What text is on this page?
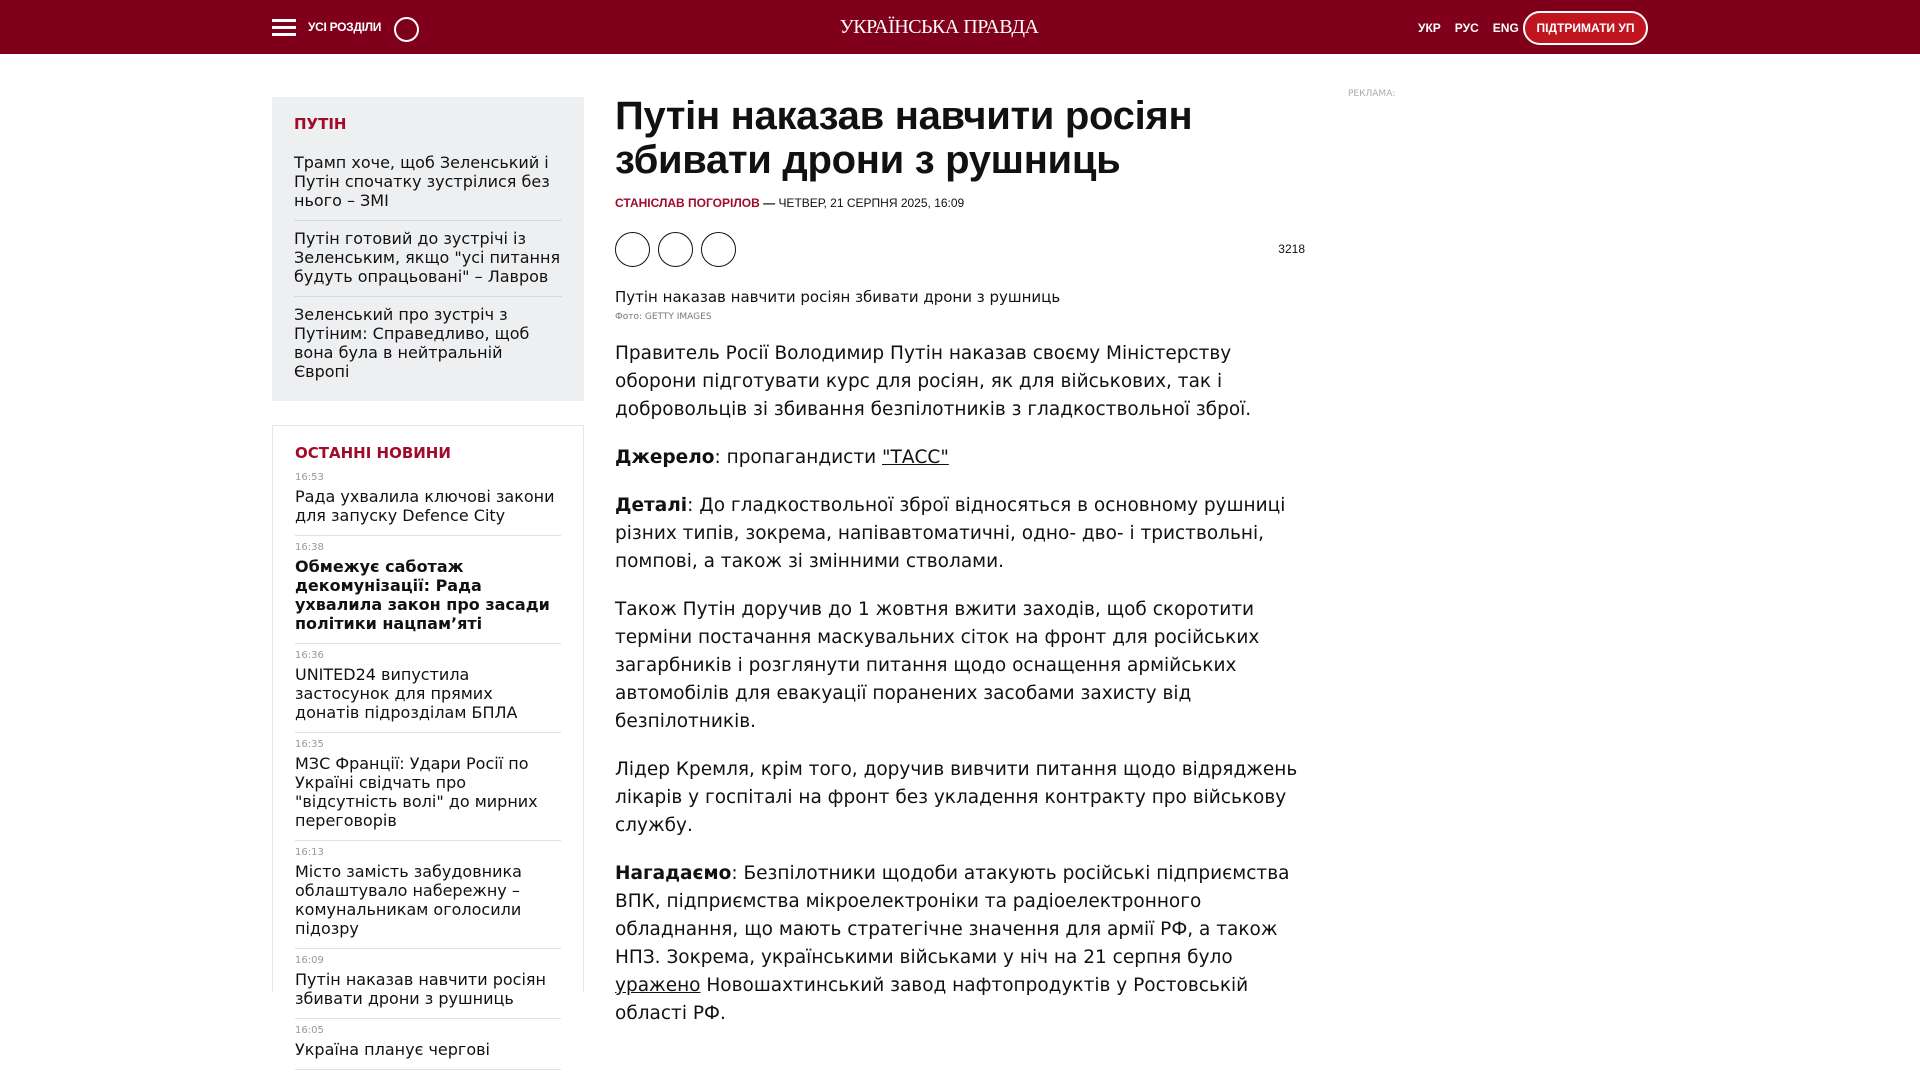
УСІ РОЗДІЛИ	УКРАЇНСЬКА ПРАВДА	УКР РУС ENG	ПІДТРИМАТИ УП
ПУТІН
Трамп хоче, щоб Зеленський і Путін спочатку зустрілися без нього – ЗМІ
Путін готовий до зустрічі із Зеленським, якщо "усі питання будуть опрацьовані" – Лавров
Зеленський про зустріч з Путіним: Справедливо, щоб вона була в нейтральній Європі
ОСТАННІ НОВИНИ
16:53
Рада ухвалила ключові закони для запуску Defence City
16:38
Обмежує саботаж декомунізації: Рада ухвалила закон про засади політики нацпам’яті
16:36
UNITED24 випустила застосунок для прямих донатів підрозділам БПЛА
16:35
МЗС Франції: Удари Росії по Україні свідчать про "відсутність волі" до мирних переговорів
16:13
Місто замість забудовника облаштувало набережну – комунальникам оголосили підозру
16:09
Путін наказав навчити росіян збивати дрони з рушниць
16:05
Україна планує чергові
Путін наказав навчити росіян збивати дрони з рушниць
СТАНІСЛАВ ПОГОРІЛОВ — ЧЕТВЕР, 21 СЕРПНЯ 2025, 16:09
3218
Путін наказав навчити росіян збивати дрони з рушниць
Фото: GETTY IMAGES

Правитель Росії Володимир Путін наказав своєму Міністерству оборони підготувати курс для росіян, як для військових, так і добровольців зі збивання безпілотників з гладкоствольної зброї.

Джерело: пропагандисти "ТАСС"

Деталі: До гладкоствольної зброї відносяться в основному рушниці різних типів, зокрема, напівавтоматичні, одно- дво- і триствольні, помпові, а також зі змінними стволами.

Також Путін доручив до 1 жовтня вжити заходів, щоб скоротити терміни постачання маскувальних сіток на фронт для російських загарбників і розглянути питання щодо оснащення армійських автомобілів для евакуації поранених засобами захисту від безпілотників.

Лідер Кремля, крім того, доручив вивчити питання щодо відряджень лікарів у госпіталі на фронт без укладення контракту про військову службу.

Нагадаємо: Безпілотники щодоби атакують російські підприємства ВПК, підприємства мікроелектроніки та радіоелектронного обладнання, що мають стратегічне значення для армії РФ, а також НПЗ. Зокрема, українськими військами у ніч на 21 серпня було уражено Новошахтинський завод нафтопродуктів у Ростовській області РФ.

РЕКЛАМА:
